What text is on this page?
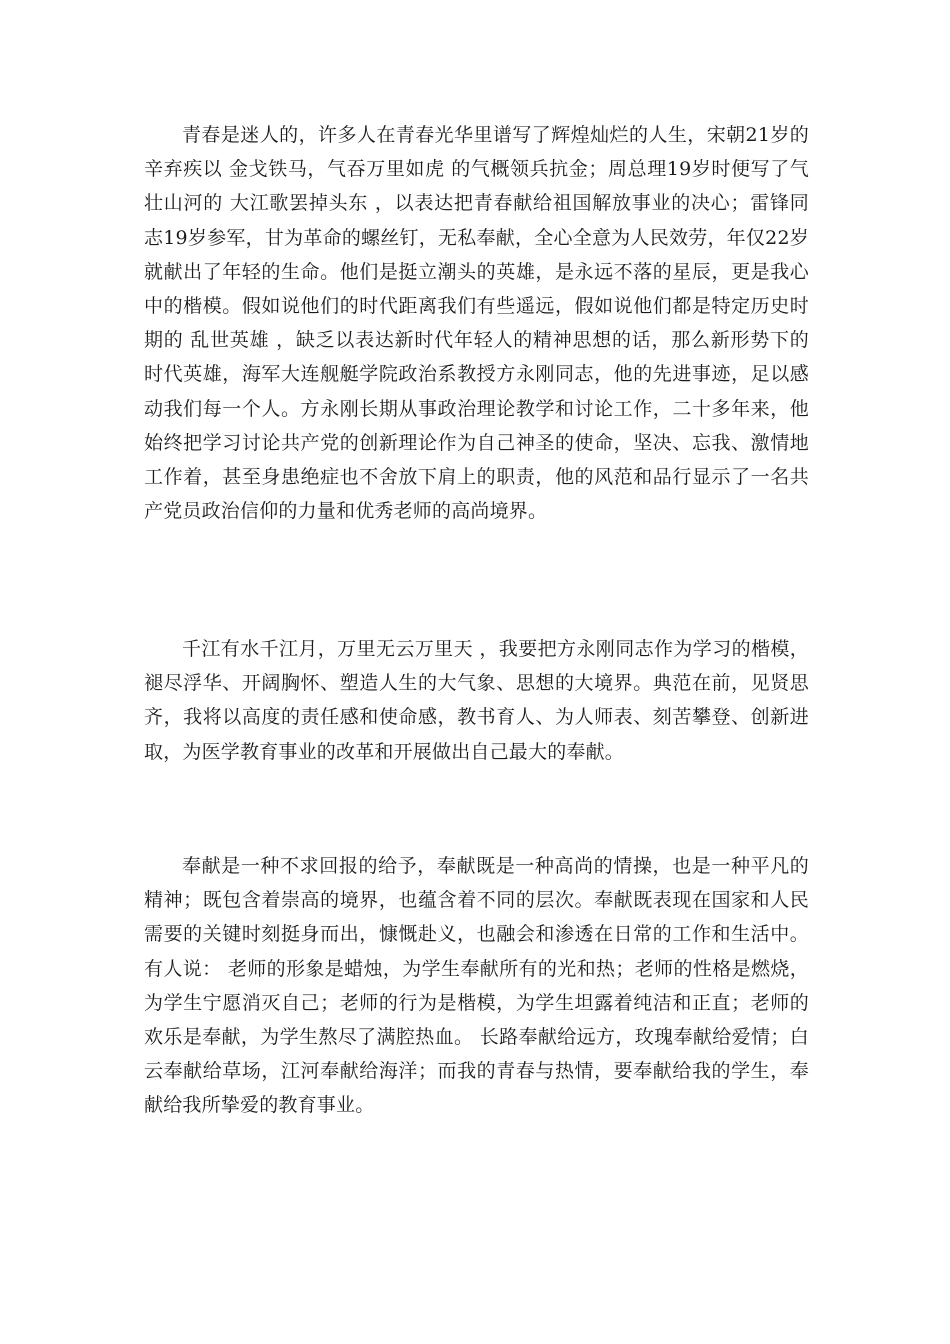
青春是迷人的，许多人在青春光华里谱写了辉煌灿烂的人生，宋朝21岁的辛弃疾以 金戈铁马，气吞万里如虎 的气概领兵抗金；周总理19岁时便写了气壮山河的 大江歌罢掉头东 ，以表达把青春献给祖国解放事业的决心；雷锋同志19岁参军，甘为革命的螺丝钉，无私奉献，全心全意为人民效劳，年仅22岁就献出了年轻的生命。他们是挺立潮头的英雄，是永远不落的星辰，更是我心中的楷模。假如说他们的时代距离我们有些遥远，假如说他们都是特定历史时期的 乱世英雄 ，缺乏以表达新时代年轻人的精神思想的话，那么新形势下的时代英雄，海军大连舰艇学院政治系教授方永刚同志，他的先进事迹，足以感动我们每一个人。方永刚长期从事政治理论教学和讨论工作，二十多年来，他始终把学习讨论共产党的创新理论作为自己神圣的使命，坚决、忘我、激情地工作着，甚至身患绝症也不舍放下肩上的职责，他的风范和品行显示了一名共产党员政治信仰的力量和优秀老师的高尚境界。

千江有水千江月，万里无云万里天 ，我要把方永刚同志作为学习的楷模，褪尽浮华、开阔胸怀、塑造人生的大气象、思想的大境界。典范在前，见贤思齐，我将以高度的责任感和使命感，教书育人、为人师表、刻苦攀登、创新进取，为医学教育事业的改革和开展做出自己最大的奉献。

奉献是一种不求回报的给予，奉献既是一种高尚的情操，也是一种平凡的精神；既包含着崇高的境界，也蕴含着不同的层次。奉献既表现在国家和人民需要的关键时刻挺身而出，慷慨赴义，也融会和渗透在日常的工作和生活中。有人说： 老师的形象是蜡烛，为学生奉献所有的光和热；老师的性格是燃烧，为学生宁愿消灭自己；老师的行为是楷模，为学生坦露着纯洁和正直；老师的欢乐是奉献，为学生熬尽了满腔热血。 长路奉献给远方，玫瑰奉献给爱情；白云奉献给草场，江河奉献给海洋；而我的青春与热情，要奉献给我的学生，奉献给我所挚爱的教育事业。
